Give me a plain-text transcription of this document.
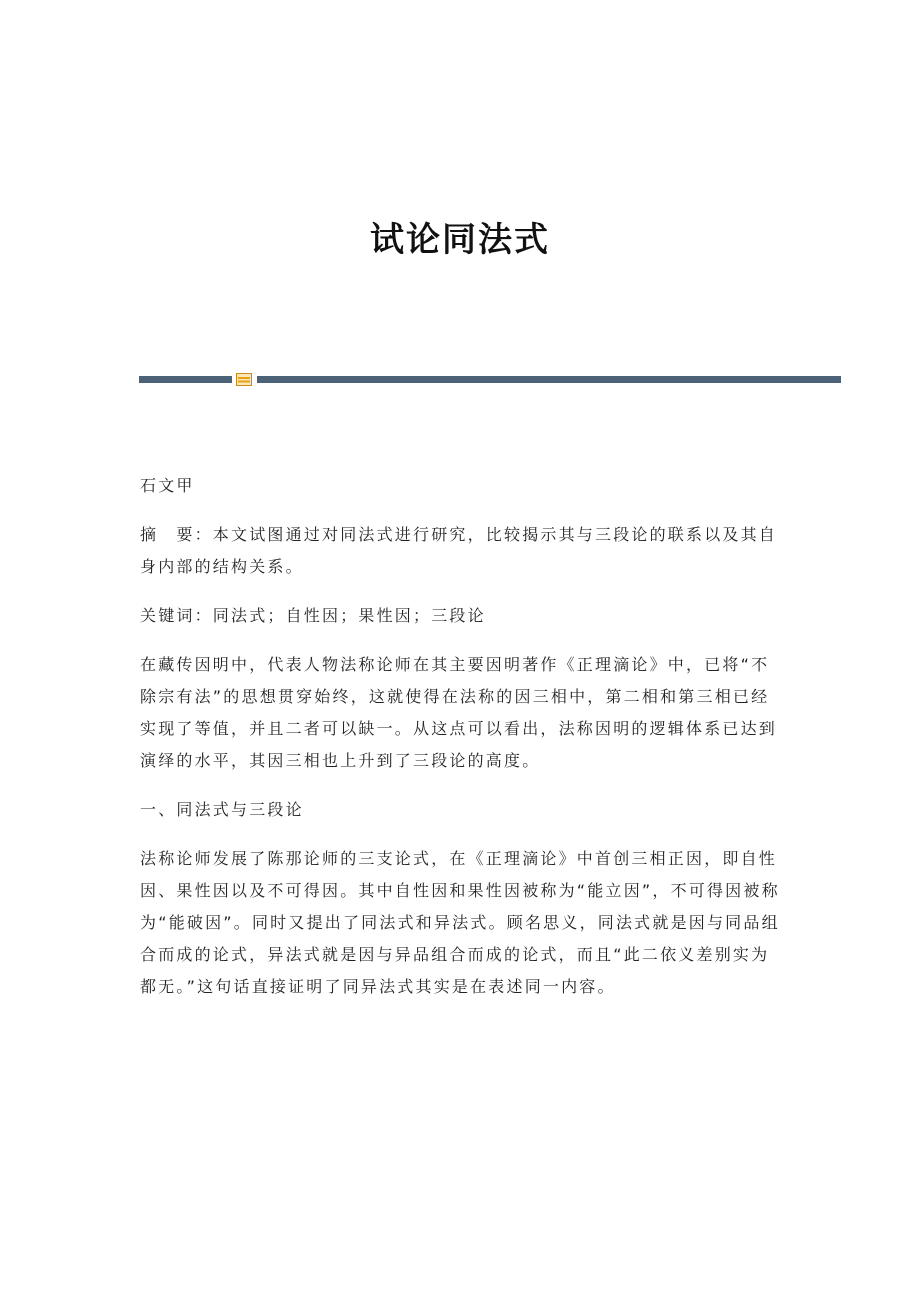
试论同法式

石文甲

摘　要：本文试图通过对同法式进行研究，比较揭示其与三段论的联系以及其自身内部的结构关系。

关键词：同法式；自性因；果性因；三段论

在藏传因明中，代表人物法称论师在其主要因明著作《正理滴论》中，已将“不除宗有法”的思想贯穿始终，这就使得在法称的因三相中，第二相和第三相已经实现了等值，并且二者可以缺一。从这点可以看出，法称因明的逻辑体系已达到演绎的水平，其因三相也上升到了三段论的高度。

一、同法式与三段论

法称论师发展了陈那论师的三支论式，在《正理滴论》中首创三相正因，即自性因、果性因以及不可得因。其中自性因和果性因被称为“能立因”，不可得因被称为“能破因”。同时又提出了同法式和异法式。顾名思义，同法式就是因与同品组合而成的论式，异法式就是因与异品组合而成的论式，而且“此二依义差别实为都无。”这句话直接证明了同异法式其实是在表述同一内容。
